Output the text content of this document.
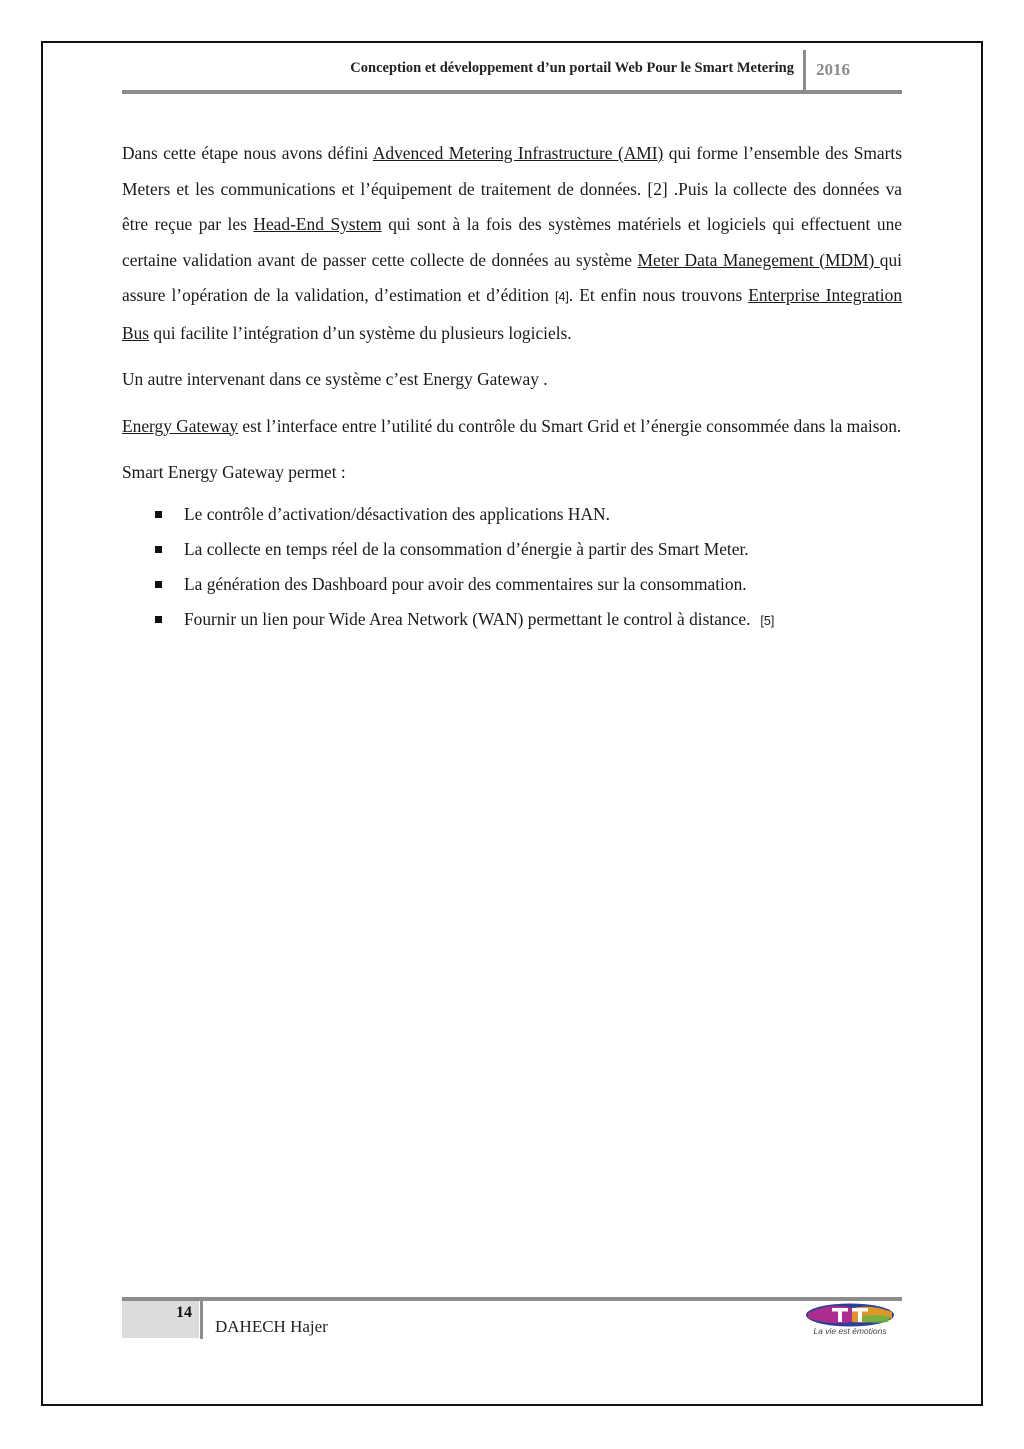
Conception et développement d’un portail Web Pour le Smart Metering 2016

Dans cette étape nous avons défini Advenced Metering Infrastructure (AMI) qui forme l’ensemble des Smarts Meters et les communications et l’équipement de traitement de données. [2] .Puis la collecte des données va être reçue par les Head-End System qui sont à la fois des systèmes matériels et logiciels qui effectuent une certaine validation avant de passer cette collecte de données au système Meter Data Manegement (MDM) qui assure l’opération de la validation, d’estimation et d’édition [4]. Et enfin nous trouvons Enterprise Integration Bus qui facilite l’intégration d’un système du plusieurs logiciels.

Un autre intervenant dans ce système c’est Energy Gateway .

Energy Gateway est l’interface entre l’utilité du contrôle du Smart Grid et l’énergie consommée dans la maison.

Smart Energy Gateway permet :

Le contrôle d’activation/désactivation des applications HAN.
La collecte en temps réel de la consommation d’énergie à partir des Smart Meter.
La génération des Dashboard pour avoir des commentaires sur la consommation.
Fournir un lien pour Wide Area Network (WAN) permettant le control à distance. [5]
14
DAHECH Hajer	La vie est émotions
